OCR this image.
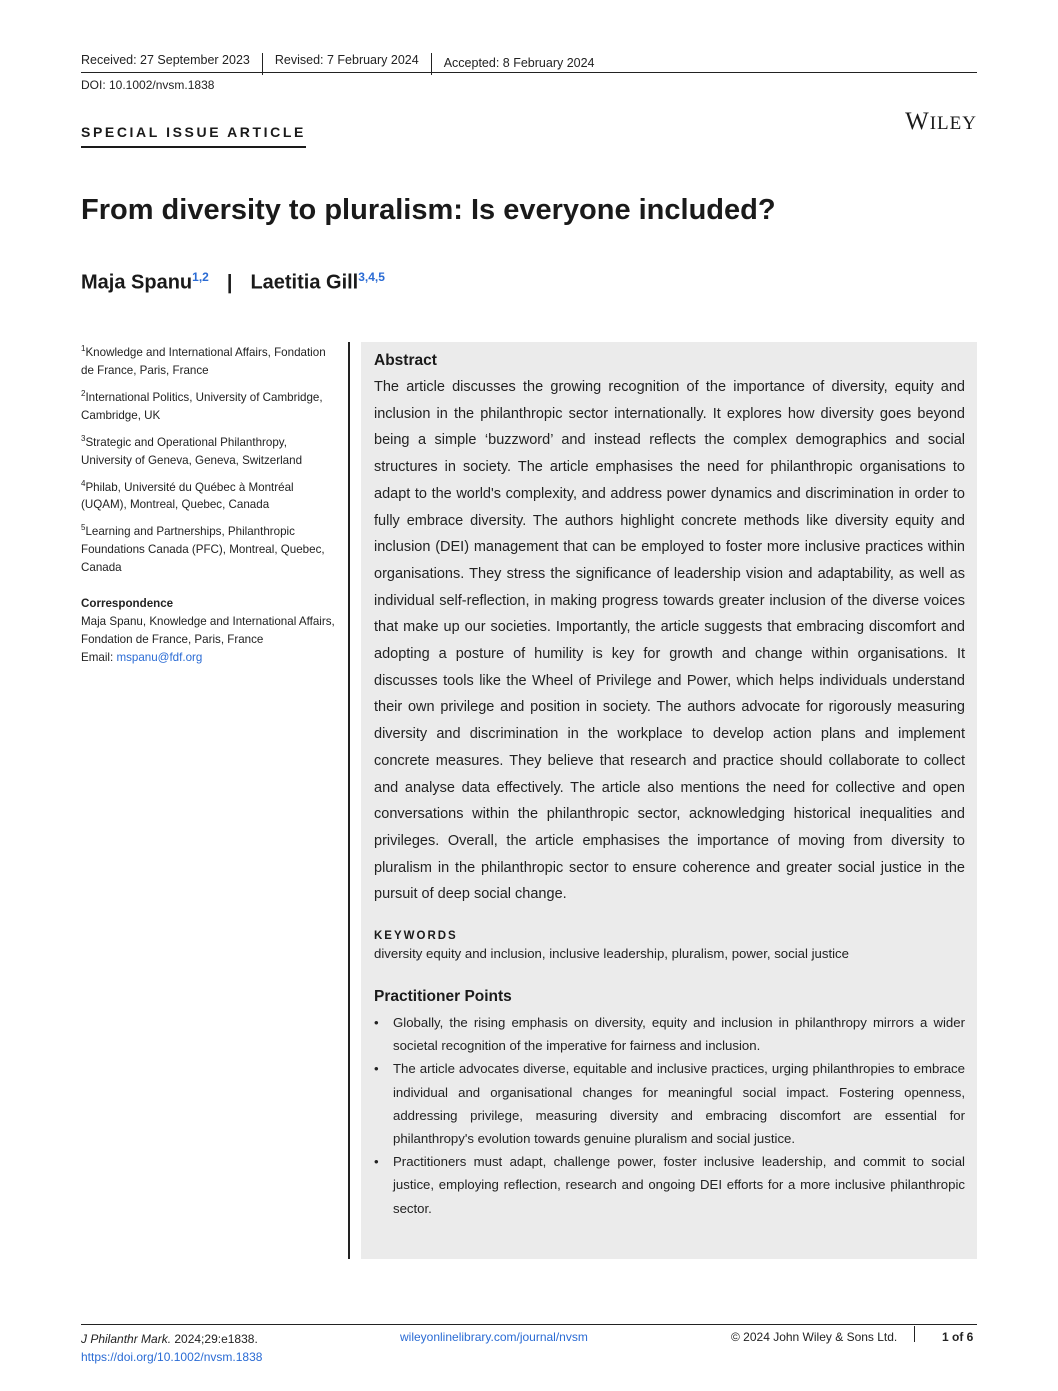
Received: 27 September 2023 Revised: 7 February 2024 Accepted: 8 February 2024
DOI: 10.1002/nvsm.1838
SPECIAL ISSUE ARTICLE	WILEY
From diversity to pluralism: Is everyone included?
Maja Spanu$^{1,2}$ | Laetitia Gill$^{3,4,5}$
$^1$Knowledge and International Affairs, Fondation de France, Paris, France
$^2$International Politics, University of Cambridge, Cambridge, UK
$^3$Strategic and Operational Philanthropy, University of Geneva, Geneva, Switzerland
$^4$Philab, Université du Québec à Montréal (UQAM), Montreal, Quebec, Canada
$^5$Learning and Partnerships, Philanthropic Foundations Canada (PFC), Montreal, Quebec, Canada
Correspondence
Maja Spanu, Knowledge and International Affairs, Fondation de France, Paris, France
Email: mspanu@fdf.org
Abstract
The article discusses the growing recognition of the importance of diversity, equity and inclusion in the philanthropic sector internationally. It explores how diversity goes beyond being a simple ‘buzzword’ and instead reflects the complex demographics and social structures in society. The article emphasises the need for philanthropic organisations to adapt to the world's complexity, and address power dynamics and discrimination in order to fully embrace diversity. The authors highlight concrete methods like diversity equity and inclusion (DEI) management that can be employed to foster more inclusive practices within organisations. They stress the significance of leadership vision and adaptability, as well as individual self-reflection, in making progress towards greater inclusion of the diverse voices that make up our societies. Importantly, the article suggests that embracing discomfort and adopting a posture of humility is key for growth and change within organisations. It discusses tools like the Wheel of Privilege and Power, which helps individuals understand their own privilege and position in society. The authors advocate for rigorously measuring diversity and discrimination in the workplace to develop action plans and implement concrete measures. They believe that research and practice should collaborate to collect and analyse data effectively. The article also mentions the need for collective and open conversations within the philanthropic sector, acknowledging historical inequalities and privileges. Overall, the article emphasises the importance of moving from diversity to pluralism in the philanthropic sector to ensure coherence and greater social justice in the pursuit of deep social change.
KEYWORDS
diversity equity and inclusion, inclusive leadership, pluralism, power, social justice
Practitioner Points
• Globally, the rising emphasis on diversity, equity and inclusion in philanthropy mirrors a wider societal recognition of the imperative for fairness and inclusion.
• The article advocates diverse, equitable and inclusive practices, urging philanthropies to embrace individual and organisational changes for meaningful social impact. Fostering openness, addressing privilege, measuring diversity and embracing discomfort are essential for philanthropy's evolution towards genuine pluralism and social justice.
• Practitioners must adapt, challenge power, foster inclusive leadership, and commit to social justice, employing reflection, research and ongoing DEI efforts for a more inclusive philanthropic sector.
J Philanthr Mark. 2024;29:e1838.
https://doi.org/10.1002/nvsm.1838
wileyonlinelibrary.com/journal/nvsm	© 2024 John Wiley & Sons Ltd.	1 of 6
